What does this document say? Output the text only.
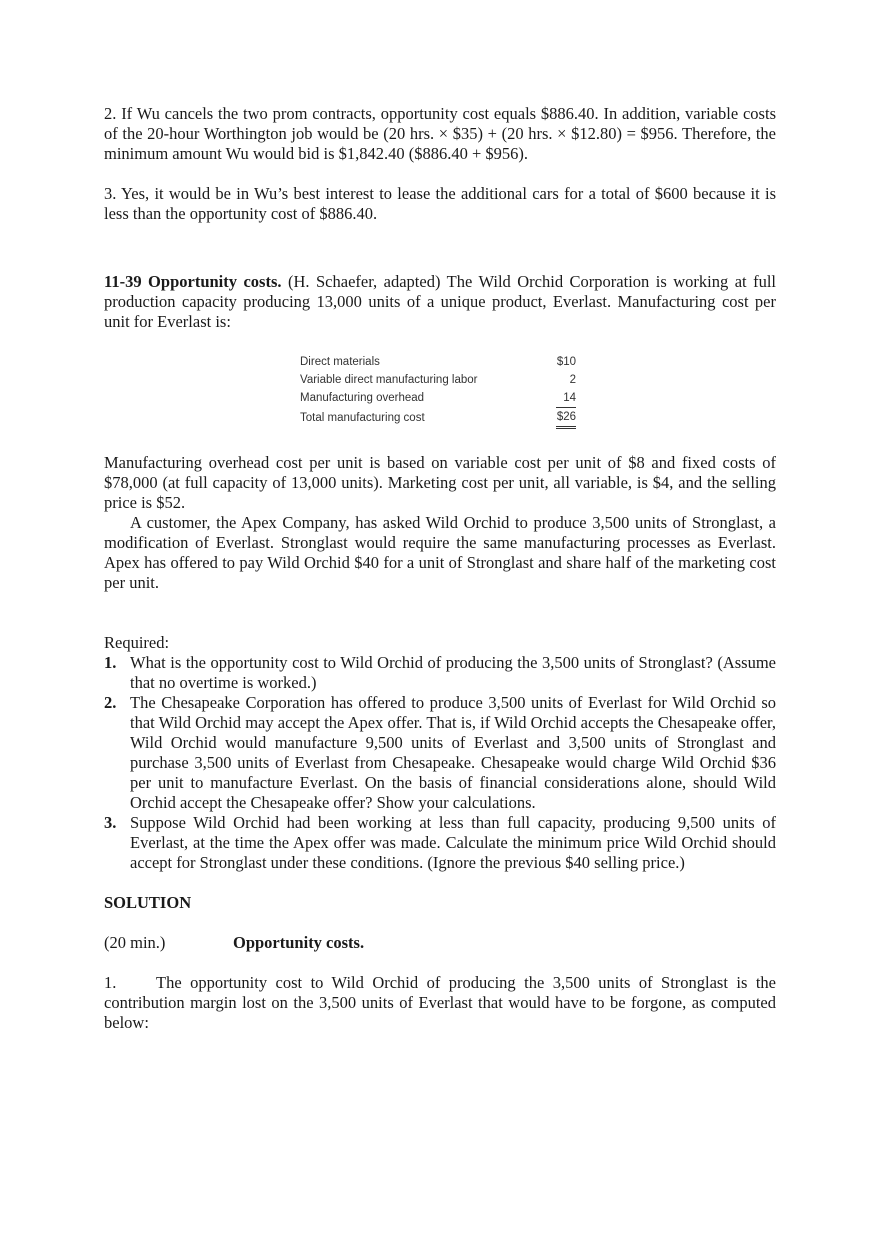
2. If Wu cancels the two prom contracts, opportunity cost equals $886.40. In addition, variable costs of the 20-hour Worthington job would be (20 hrs. × $35) + (20 hrs. × $12.80) = $956. Therefore, the minimum amount Wu would bid is $1,842.40 ($886.40 + $956).

3. Yes, it would be in Wu’s best interest to lease the additional cars for a total of $600 because it is less than the opportunity cost of $886.40.

11-39 Opportunity costs. (H. Schaefer, adapted) The Wild Orchid Corporation is working at full production capacity producing 13,000 units of a unique product, Everlast. Manufacturing cost per unit for Everlast is:

Direct materials	$10
Variable direct manufacturing labor	2
Manufacturing overhead	14
Total manufacturing cost	$26

Manufacturing overhead cost per unit is based on variable cost per unit of $8 and fixed costs of $78,000 (at full capacity of 13,000 units). Marketing cost per unit, all variable, is $4, and the selling price is $52.

A customer, the Apex Company, has asked Wild Orchid to produce 3,500 units of Stronglast, a modification of Everlast. Stronglast would require the same manufacturing processes as Everlast. Apex has offered to pay Wild Orchid $40 for a unit of Stronglast and share half of the marketing cost per unit.

Required:

1. What is the opportunity cost to Wild Orchid of producing the 3,500 units of Stronglast? (Assume that no overtime is worked.)
2. The Chesapeake Corporation has offered to produce 3,500 units of Everlast for Wild Orchid so that Wild Orchid may accept the Apex offer. That is, if Wild Orchid accepts the Chesapeake offer, Wild Orchid would manufacture 9,500 units of Everlast and 3,500 units of Stronglast and purchase 3,500 units of Everlast from Chesapeake. Chesapeake would charge Wild Orchid $36 per unit to manufacture Everlast. On the basis of financial considerations alone, should Wild Orchid accept the Chesapeake offer? Show your calculations.
3. Suppose Wild Orchid had been working at less than full capacity, producing 9,500 units of Everlast, at the time the Apex offer was made. Calculate the minimum price Wild Orchid should accept for Stronglast under these conditions. (Ignore the previous $40 selling price.)

SOLUTION

(20 min.)	Opportunity costs.

1. The opportunity cost to Wild Orchid of producing the 3,500 units of Stronglast is the contribution margin lost on the 3,500 units of Everlast that would have to be forgone, as computed below:
